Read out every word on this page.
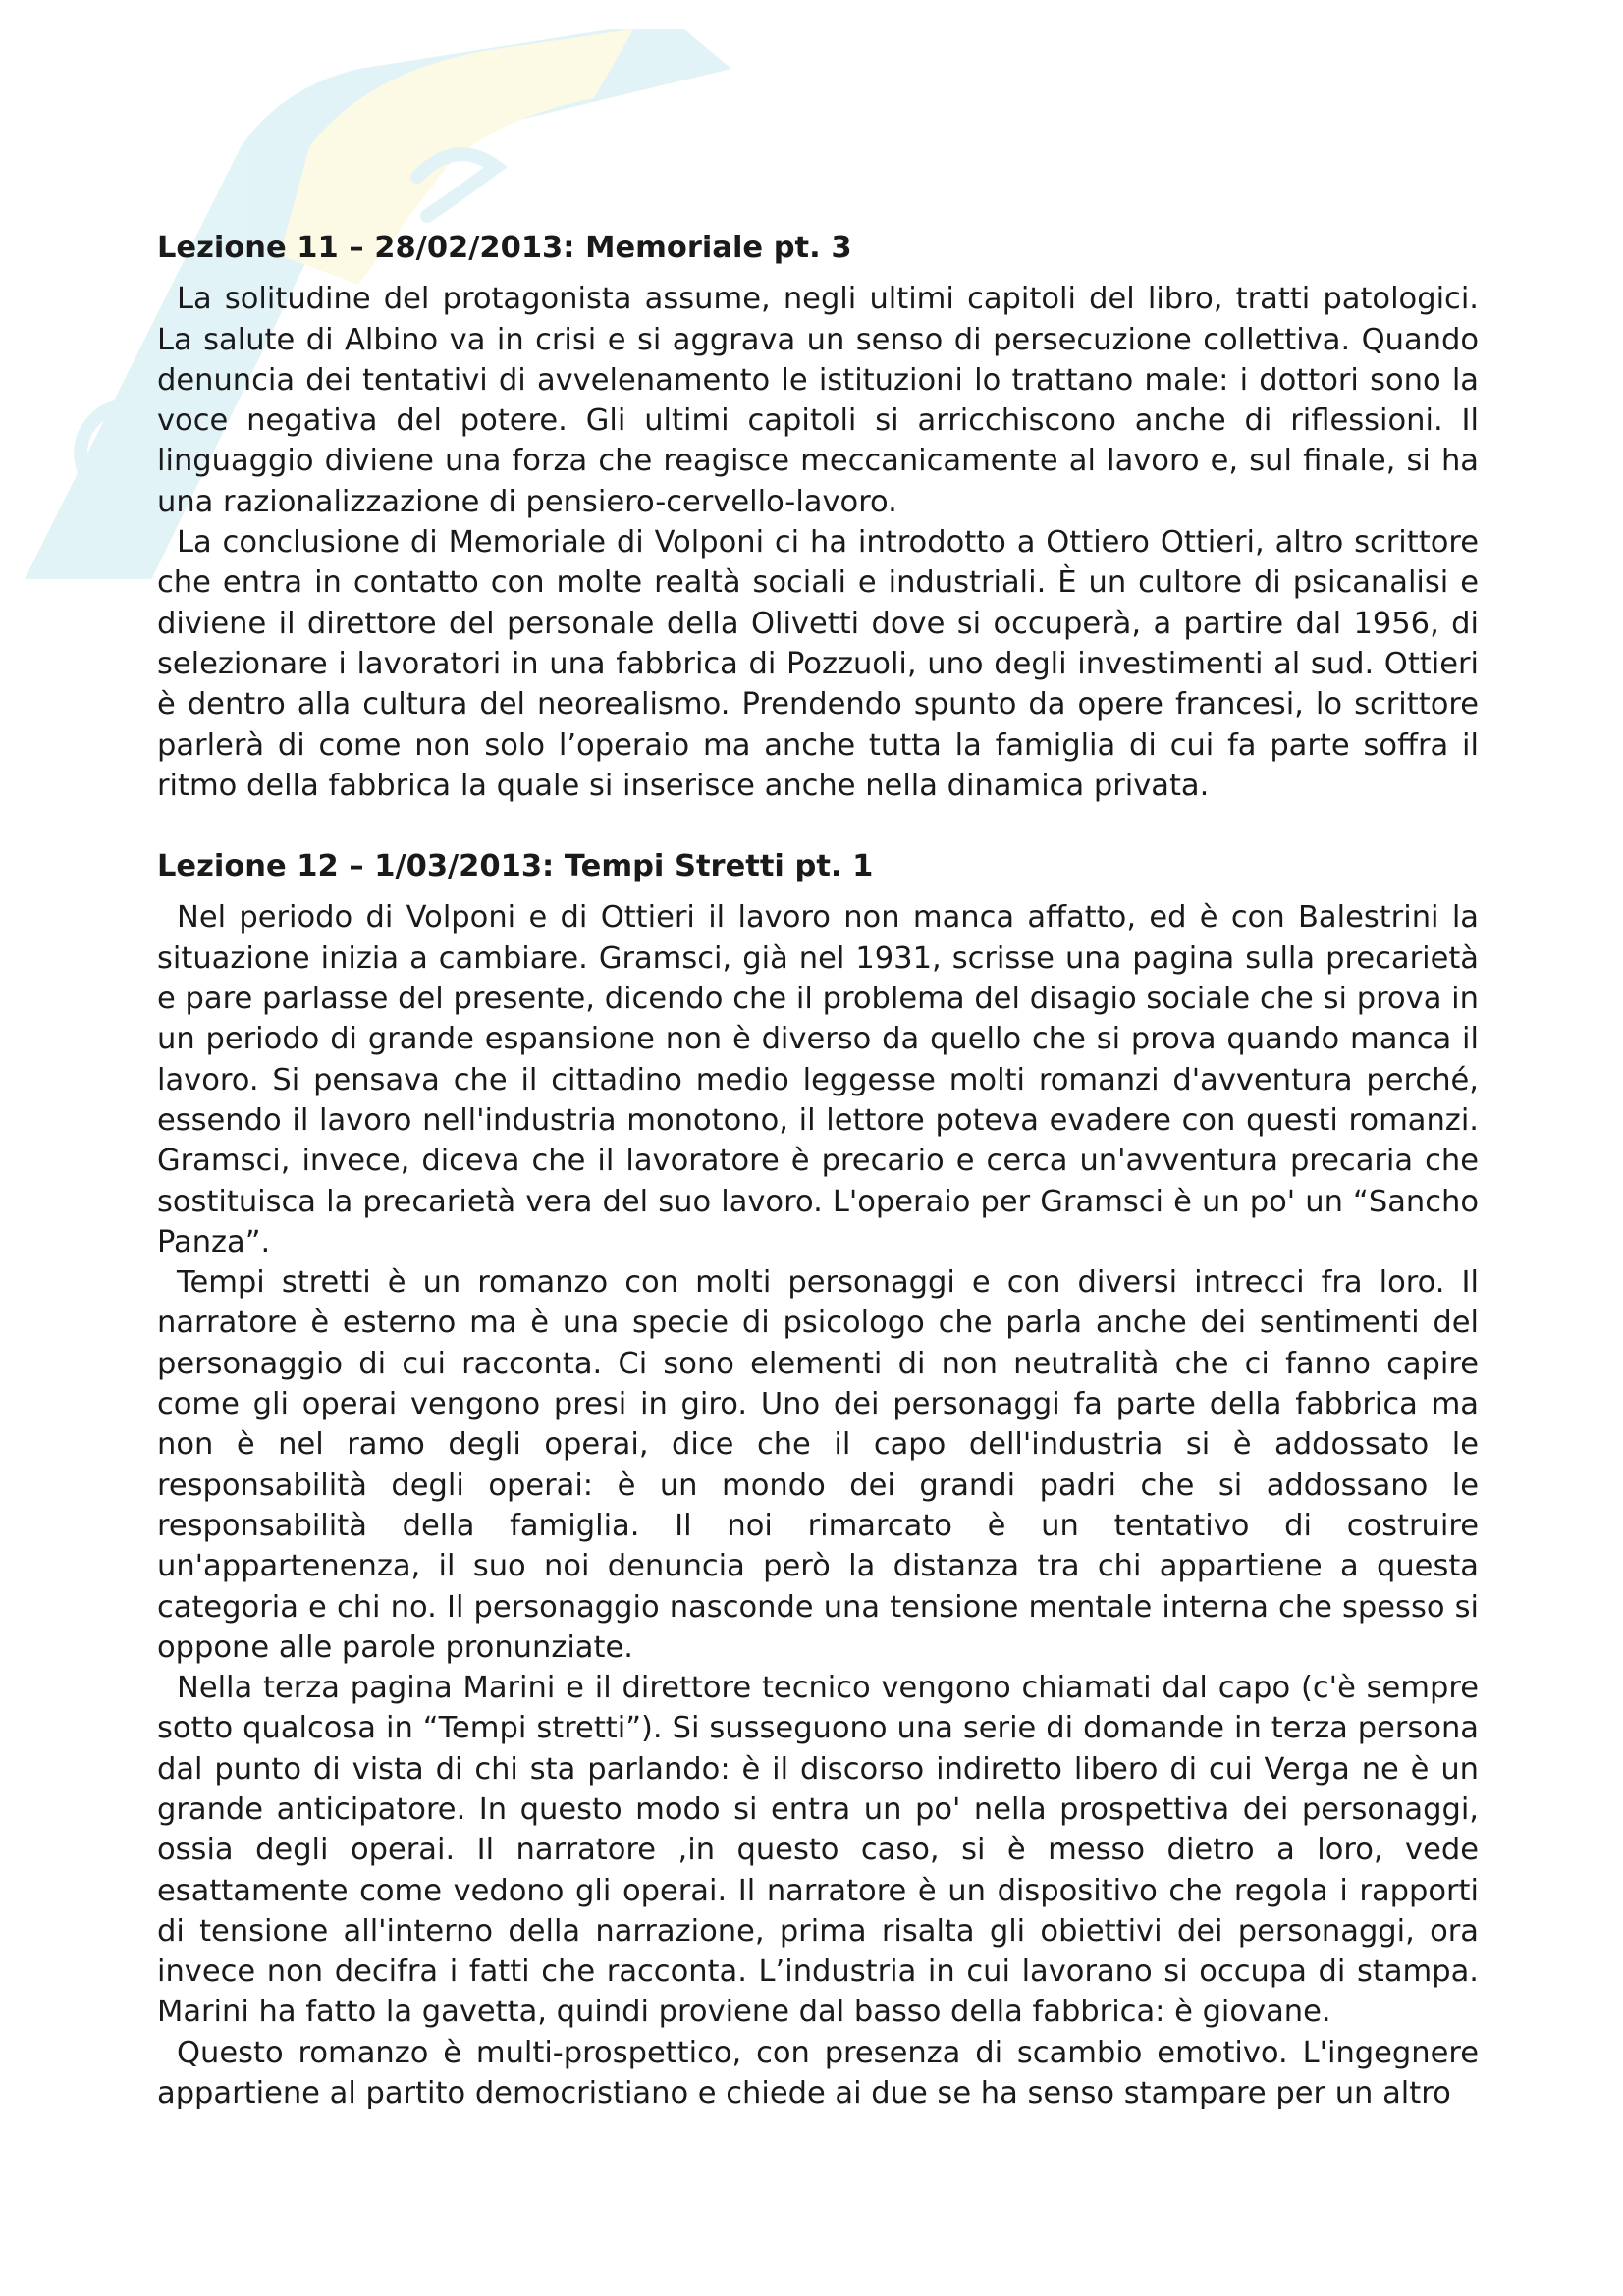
Lezione 11 – 28/02/2013: Memoriale pt. 3

La solitudine del protagonista assume, negli ultimi capitoli del libro, tratti patologici. La salute di Albino va in crisi e si aggrava un senso di persecuzione collettiva. Quando denuncia dei tentativi di avvelenamento le istituzioni lo trattano male: i dottori sono la voce negativa del potere. Gli ultimi capitoli si arricchiscono anche di riflessioni. Il linguaggio diviene una forza che reagisce meccanicamente al lavoro e, sul finale, si ha una razionalizzazione di pensiero-cervello-lavoro.

La conclusione di Memoriale di Volponi ci ha introdotto a Ottiero Ottieri, altro scrittore che entra in contatto con molte realtà sociali e industriali. È un cultore di psicanalisi e diviene il direttore del personale della Olivetti dove si occuperà, a partire dal 1956, di selezionare i lavoratori in una fabbrica di Pozzuoli, uno degli investimenti al sud. Ottieri è dentro alla cultura del neorealismo. Prendendo spunto da opere francesi, lo scrittore parlerà di come non solo l’operaio ma anche tutta la famiglia di cui fa parte soffra il ritmo della fabbrica la quale si inserisce anche nella dinamica privata.

Lezione 12 – 1/03/2013: Tempi Stretti pt. 1

Nel periodo di Volponi e di Ottieri il lavoro non manca affatto, ed è con Balestrini la situazione inizia a cambiare. Gramsci, già nel 1931, scrisse una pagina sulla precarietà e pare parlasse del presente, dicendo che il problema del disagio sociale che si prova in un periodo di grande espansione non è diverso da quello che si prova quando manca il lavoro. Si pensava che il cittadino medio leggesse molti romanzi d'avventura perché, essendo il lavoro nell'industria monotono, il lettore poteva evadere con questi romanzi. Gramsci, invece, diceva che il lavoratore è precario e cerca un'avventura precaria che sostituisca la precarietà vera del suo lavoro. L'operaio per Gramsci è un po' un “Sancho Panza”.

Tempi stretti è un romanzo con molti personaggi e con diversi intrecci fra loro. Il narratore è esterno ma è una specie di psicologo che parla anche dei sentimenti del personaggio di cui racconta. Ci sono elementi di non neutralità che ci fanno capire come gli operai vengono presi in giro. Uno dei personaggi fa parte della fabbrica ma non è nel ramo degli operai, dice che il capo dell'industria si è addossato le responsabilità degli operai: è un mondo dei grandi padri che si addossano le responsabilità della famiglia. Il noi rimarcato è un tentativo di costruire un'appartenenza, il suo noi denuncia però la distanza tra chi appartiene a questa categoria e chi no. Il personaggio nasconde una tensione mentale interna che spesso si oppone alle parole pronunziate.

Nella terza pagina Marini e il direttore tecnico vengono chiamati dal capo (c'è sempre sotto qualcosa in “Tempi stretti”). Si susseguono una serie di domande in terza persona dal punto di vista di chi sta parlando: è il discorso indiretto libero di cui Verga ne è un grande anticipatore. In questo modo si entra un po' nella prospettiva dei personaggi, ossia degli operai. Il narratore ,in questo caso, si è messo dietro a loro, vede esattamente come vedono gli operai. Il narratore è un dispositivo che regola i rapporti di tensione all'interno della narrazione, prima risalta gli obiettivi dei personaggi, ora invece non decifra i fatti che racconta. L’industria in cui lavorano si occupa di stampa. Marini ha fatto la gavetta, quindi proviene dal basso della fabbrica: è giovane.

Questo romanzo è multi-prospettico, con presenza di scambio emotivo. L'ingegnere appartiene al partito democristiano e chiede ai due se ha senso stampare per un altro
